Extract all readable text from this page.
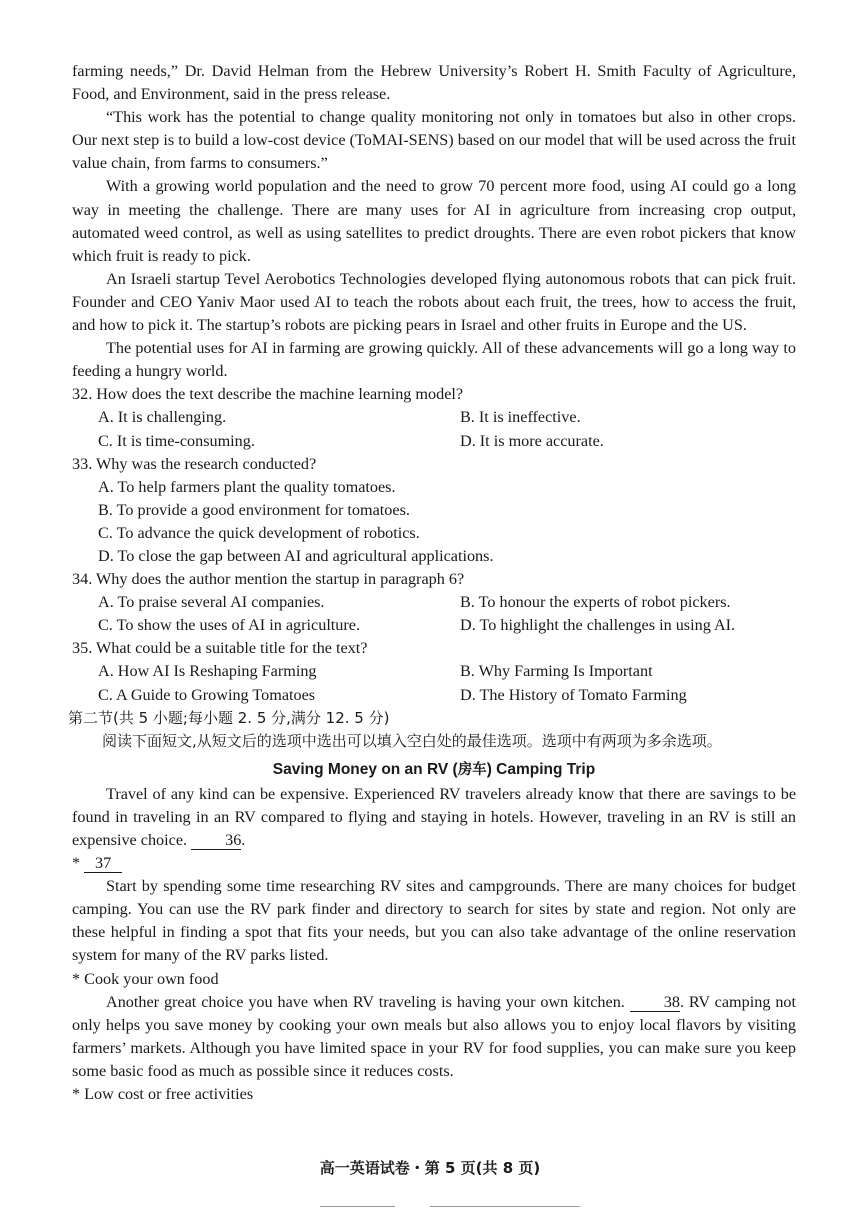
farming needs,” Dr. David Helman from the Hebrew University’s Robert H. Smith Faculty of Agriculture, Food, and Environment, said in the press release.

“This work has the potential to change quality monitoring not only in tomatoes but also in other crops. Our next step is to build a low-cost device (ToMAI-SENS) based on our model that will be used across the fruit value chain, from farms to consumers.”

With a growing world population and the need to grow 70 percent more food, using AI could go a long way in meeting the challenge. There are many uses for AI in agriculture from increasing crop output, automated weed control, as well as using satellites to predict droughts. There are even robot pickers that know which fruit is ready to pick.

An Israeli startup Tevel Aerobotics Technologies developed flying autonomous robots that can pick fruit. Founder and CEO Yaniv Maor used AI to teach the robots about each fruit, the trees, how to access the fruit, and how to pick it. The startup’s robots are picking pears in Israel and other fruits in Europe and the US.

The potential uses for AI in farming are growing quickly. All of these advancements will go a long way to feeding a hungry world.

32. How does the text describe the machine learning model?
A. It is challenging.	B. It is ineffective.
C. It is time-consuming.	D. It is more accurate.
33. Why was the research conducted?
A. To help farmers plant the quality tomatoes.
B. To provide a good environment for tomatoes.
C. To advance the quick development of robotics.
D. To close the gap between AI and agricultural applications.
34. Why does the author mention the startup in paragraph 6?
A. To praise several AI companies.	B. To honour the experts of robot pickers.
C. To show the uses of AI in agriculture.	D. To highlight the challenges in using AI.
35. What could be a suitable title for the text?
A. How AI Is Reshaping Farming	B. Why Farming Is Important
C. A Guide to Growing Tomatoes	D. The History of Tomato Farming
第二节(共 5 小题;每小题 2. 5 分,满分 12. 5 分)
阅读下面短文,从短文后的选项中选出可以填入空白处的最佳选项。选项中有两项为多余选项。
Saving Money on an RV (房车) Camping Trip

Travel of any kind can be expensive. Experienced RV travelers already know that there are savings to be found in traveling in an RV compared to flying and staying in hotels. However, traveling in an RV is still an expensive choice. 36.

* 37

Start by spending some time researching RV sites and campgrounds. There are many choices for budget camping. You can use the RV park finder and directory to search for sites by state and region. Not only are these helpful in finding a spot that fits your needs, but you can also take advantage of the online reservation system for many of the RV parks listed.

* Cook your own food

Another great choice you have when RV traveling is having your own kitchen. 38. RV camping not only helps you save money by cooking your own meals but also allows you to enjoy local flavors by visiting farmers’ markets. Although you have limited space in your RV for food supplies, you can make sure you keep some basic food as much as possible since it reduces costs.

* Low cost or free activities
高一英语试卷・第 5 页(共 8 页)
